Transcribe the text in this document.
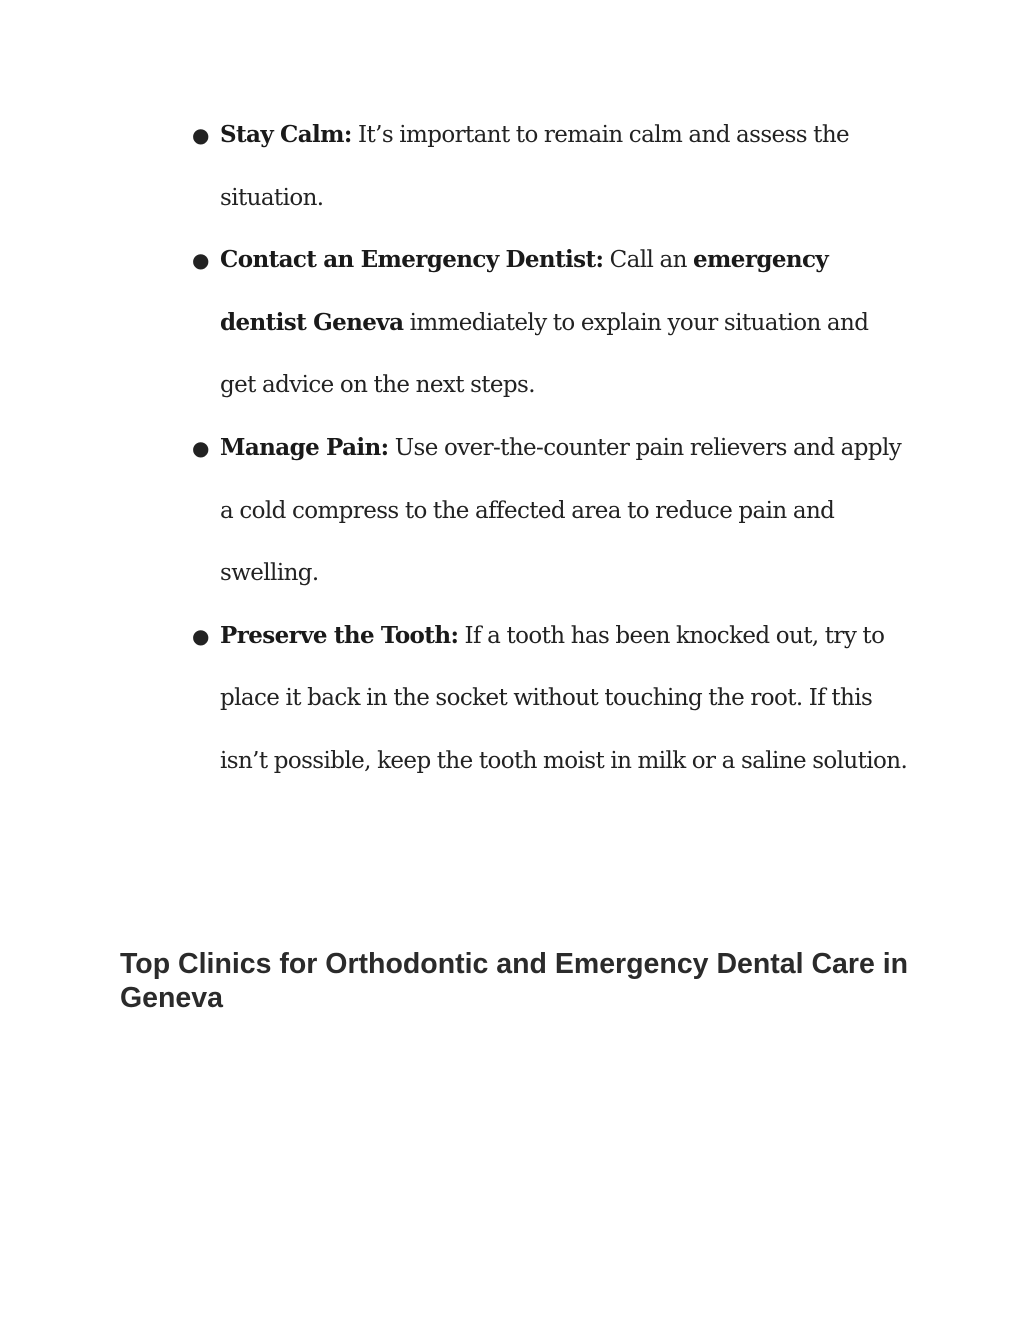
● Stay Calm: It’s important to remain calm and assess the situation.
● Contact an Emergency Dentist: Call an emergency dentist Geneva immediately to explain your situation and get advice on the next steps.
● Manage Pain: Use over-the-counter pain relievers and apply a cold compress to the affected area to reduce pain and swelling.
● Preserve the Tooth: If a tooth has been knocked out, try to place it back in the socket without touching the root. If this isn’t possible, keep the tooth moist in milk or a saline solution.
Top Clinics for Orthodontic and Emergency Dental Care in Geneva
